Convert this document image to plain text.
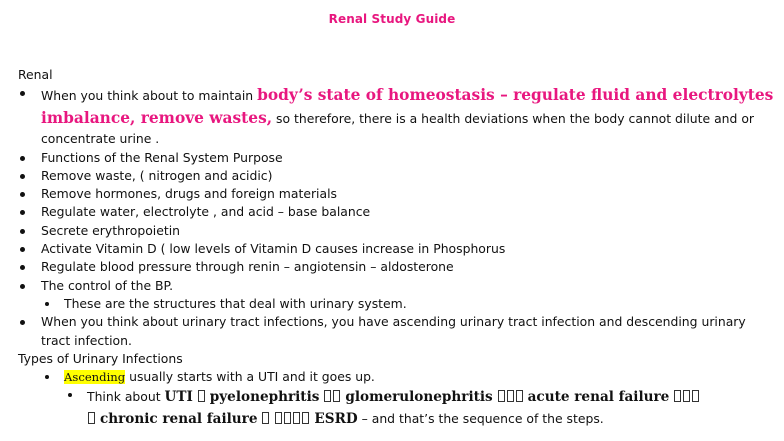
Renal Study Guide
Renal
When you think about to maintain body’s state of homeostasis – regulate fluid and electrolytes
imbalance, remove wastes, so therefore, there is a health deviations when the body cannot dilute and or
concentrate urine .
Functions of the Renal System Purpose
Remove waste, ( nitrogen and acidic)
Remove hormones, drugs and foreign materials
Regulate water, electrolyte , and acid – base balance
Secrete erythropoietin
Activate Vitamin D ( low levels of Vitamin D causes increase in Phosphorus
Regulate blood pressure through renin – angiotensin – aldosterone
The control of the BP.
These are the structures that deal with urinary system.
When you think about urinary tract infections, you have ascending urinary tract infection and descending urinary
tract infection.
Types of Urinary Infections
Ascending usually starts with a UTI and it goes up.
Think about UTI pyelonephritis glomerulonephritis	acute renal failure
chronic renal failure	ESRD – and that’s the sequence of the steps.
